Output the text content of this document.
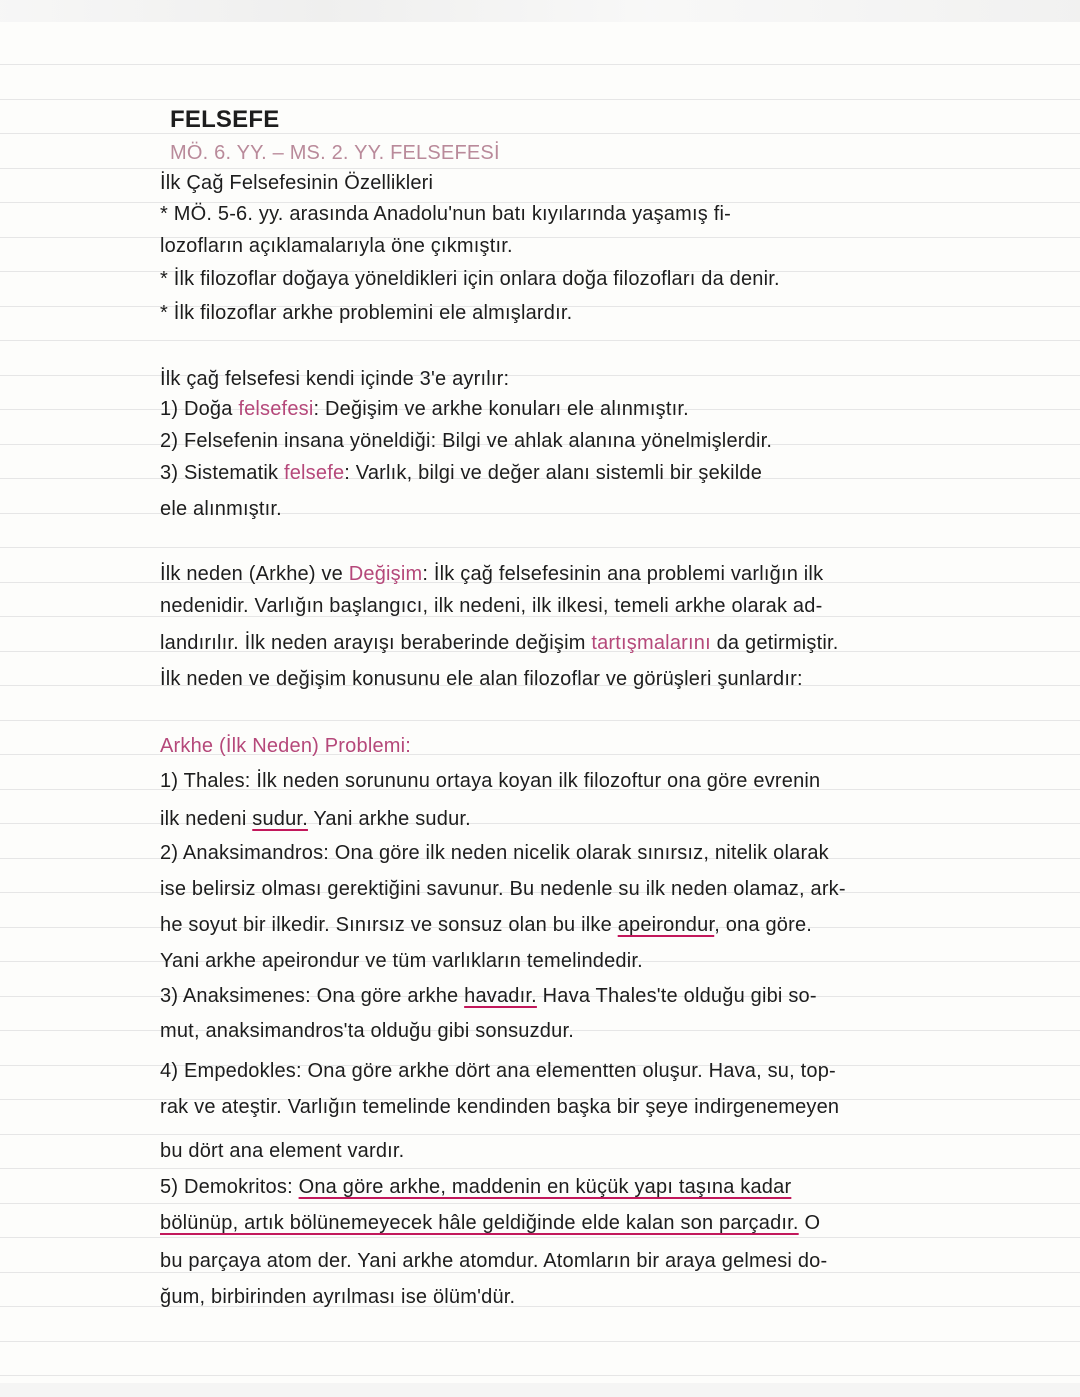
FELSEFE
MÖ. 6. YY. – MS. 2. YY. FELSEFESİ
İlk Çağ Felsefesinin Özellikleri
* MÖ. 5-6. yy. arasında Anadolu'nun batı kıyılarında yaşamış fi-
lozofların açıklamalarıyla öne çıkmıştır.
* İlk filozoflar doğaya yöneldikleri için onlara doğa filozofları da denir.
* İlk filozoflar arkhe problemini ele almışlardır.
İlk çağ felsefesi kendi içinde 3'e ayrılır:
1) Doğa felsefesi: Değişim ve arkhe konuları ele alınmıştır.
2) Felsefenin insana yöneldiği: Bilgi ve ahlak alanına yönelmişlerdir.
3) Sistematik felsefe: Varlık, bilgi ve değer alanı sistemli bir şekilde
ele alınmıştır.
İlk neden (Arkhe) ve Değişim: İlk çağ felsefesinin ana problemi varlığın ilk
nedenidir. Varlığın başlangıcı, ilk nedeni, ilk ilkesi, temeli arkhe olarak ad-
landırılır. İlk neden arayışı beraberinde değişim tartışmalarını da getirmiştir.
İlk neden ve değişim konusunu ele alan filozoflar ve görüşleri şunlardır:
Arkhe (İlk Neden) Problemi:
1) Thales: İlk neden sorununu ortaya koyan ilk filozoftur ona göre evrenin
ilk nedeni sudur. Yani arkhe sudur.
2) Anaksimandros: Ona göre ilk neden nicelik olarak sınırsız, nitelik olarak
ise belirsiz olması gerektiğini savunur. Bu nedenle su ilk neden olamaz, ark-
he soyut bir ilkedir. Sınırsız ve sonsuz olan bu ilke apeirondur, ona göre.
Yani arkhe apeirondur ve tüm varlıkların temelindedir.
3) Anaksimenes: Ona göre arkhe havadır. Hava Thales'te olduğu gibi so-
mut, anaksimandros'ta olduğu gibi sonsuzdur.
4) Empedokles: Ona göre arkhe dört ana elementten oluşur. Hava, su, top-
rak ve ateştir. Varlığın temelinde kendinden başka bir şeye indirgenemeyen
bu dört ana element vardır.
5) Demokritos: Ona göre arkhe, maddenin en küçük yapı taşına kadar
bölünüp, artık bölünemeyecek hâle geldiğinde elde kalan son parçadır. O
bu parçaya atom der. Yani arkhe atomdur. Atomların bir araya gelmesi do-
ğum, birbirinden ayrılması ise ölüm'dür.
